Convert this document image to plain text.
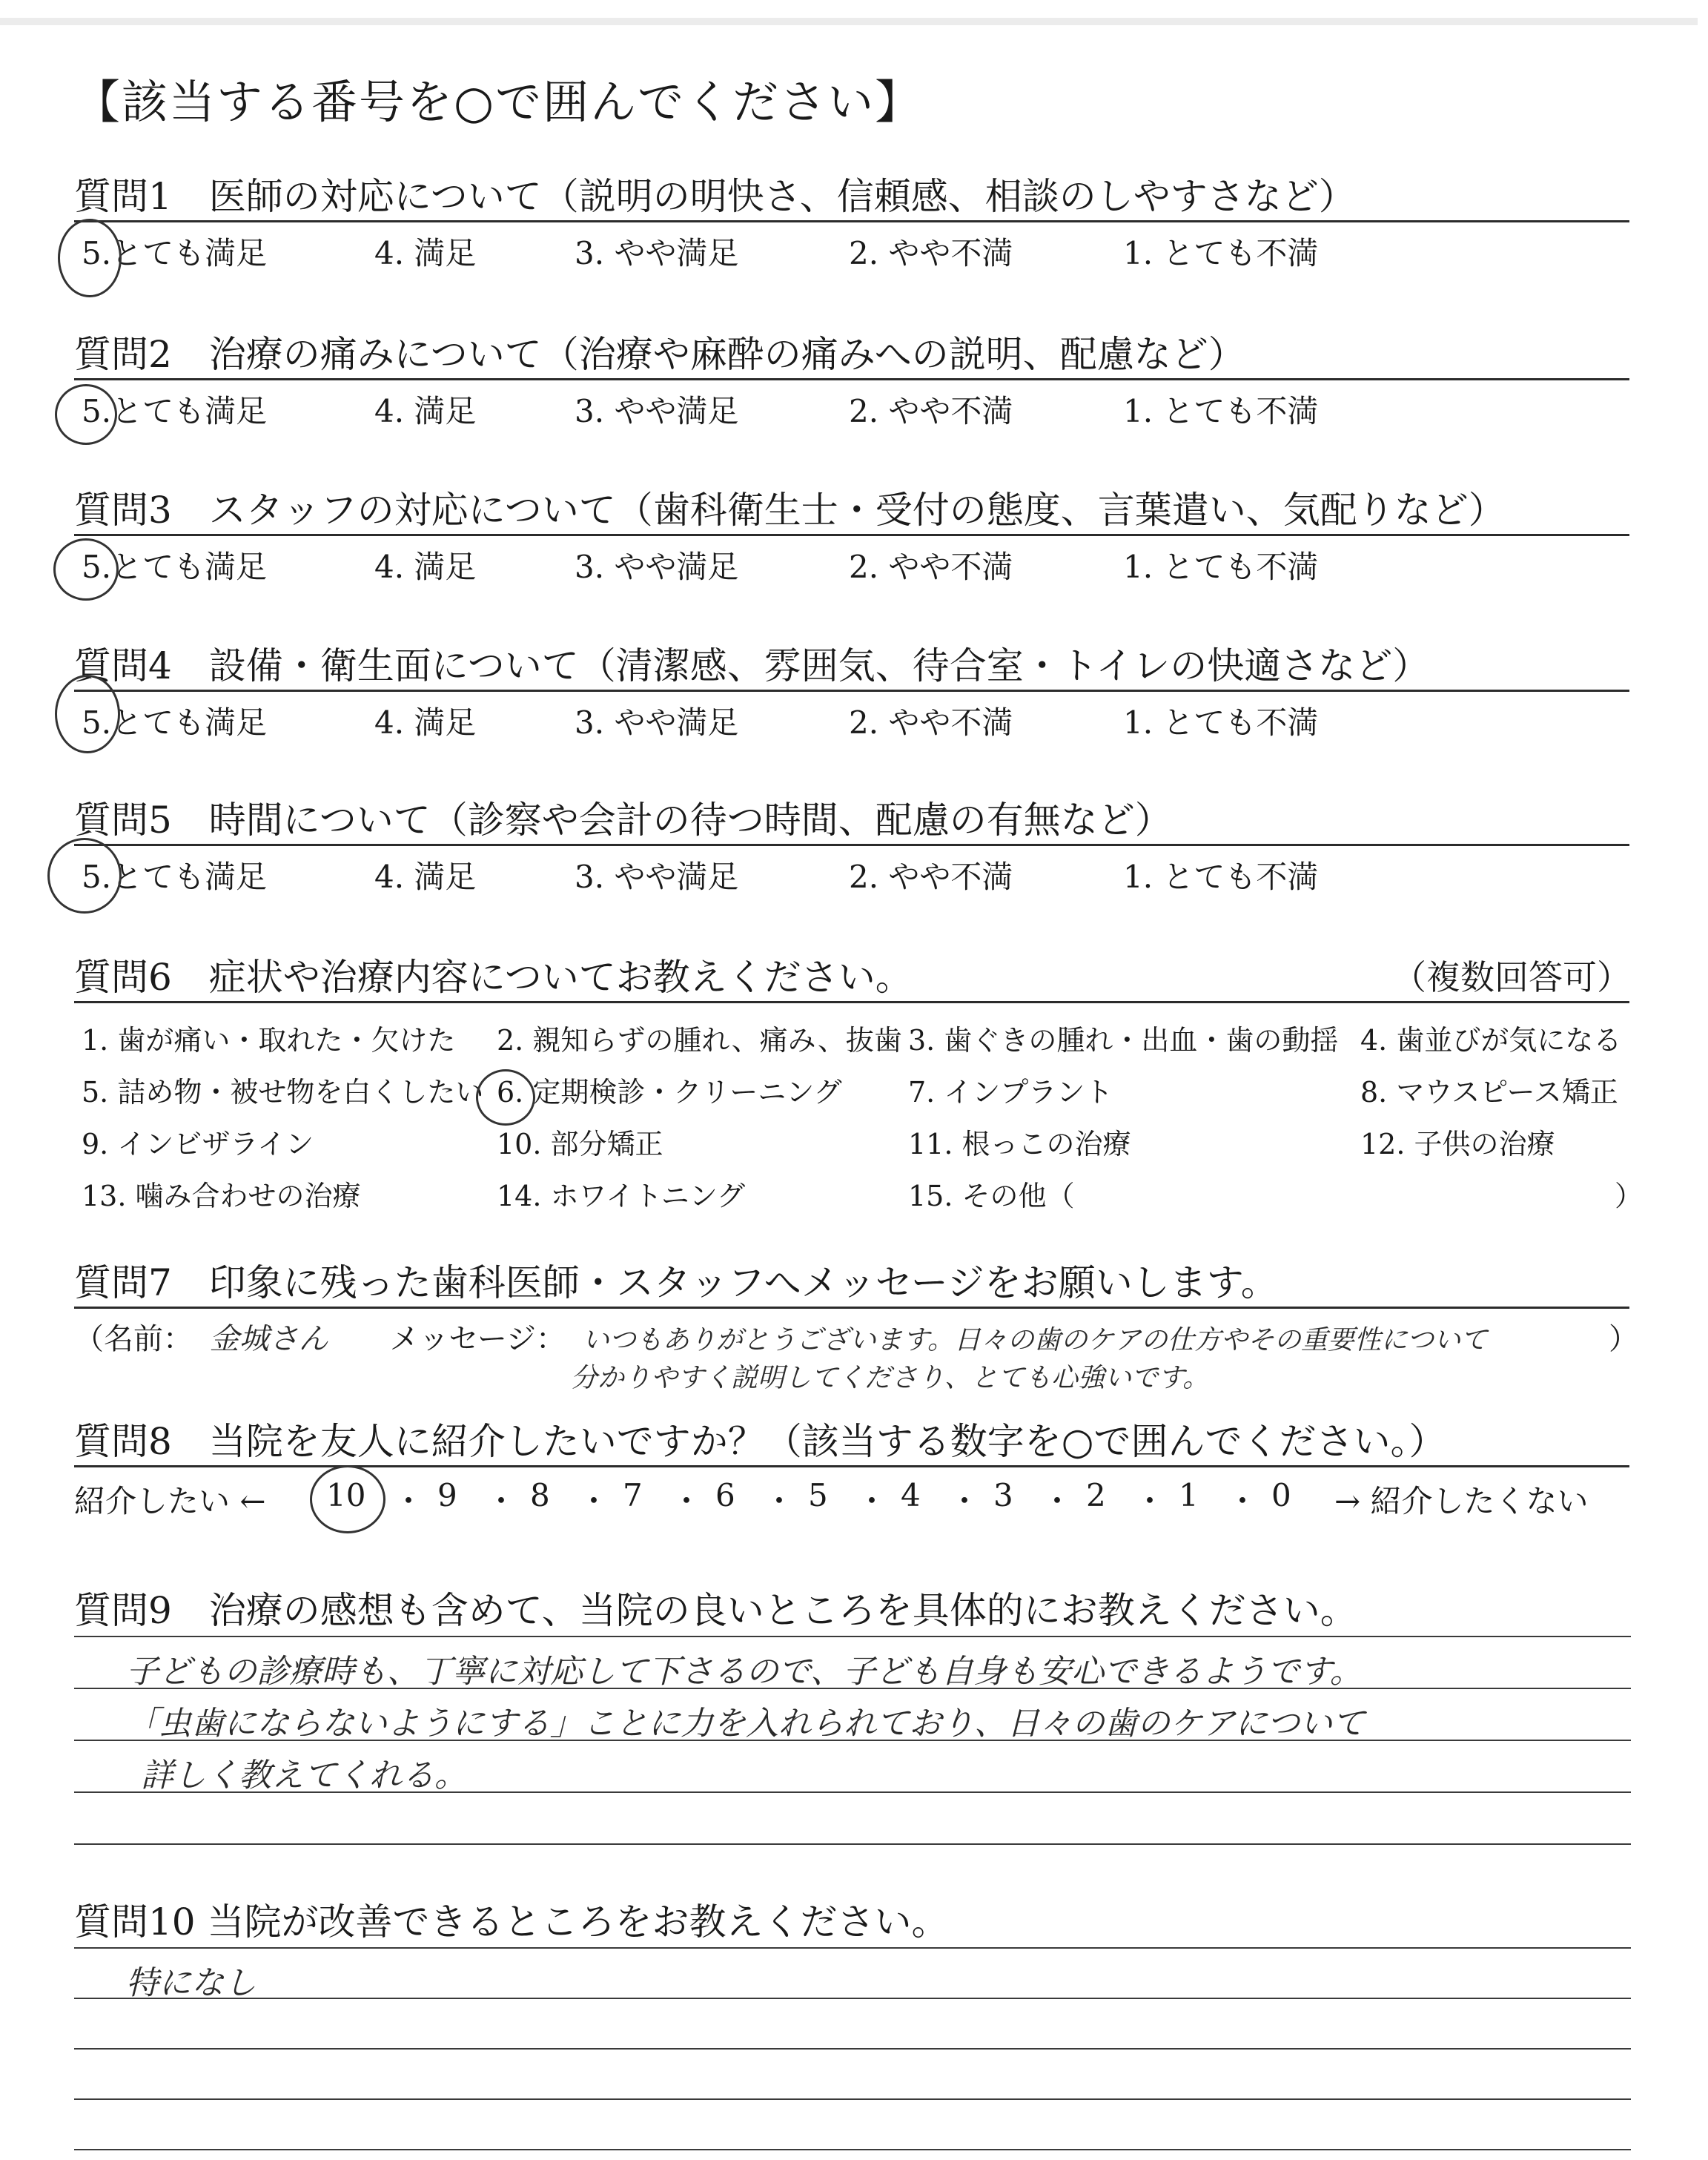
【該当する番号を○で囲んでください】
質問1　医師の対応について（説明の明快さ、信頼感、相談のしやすさなど）
5.とても満足	4. 満足	3. やや満足	2. やや不満	1. とても不満
質問2　治療の痛みについて（治療や麻酔の痛みへの説明、配慮など）
5.とても満足	4. 満足	3. やや満足	2. やや不満	1. とても不満
質問3　スタッフの対応について（歯科衛生士・受付の態度、言葉遣い、気配りなど）
5.とても満足	4. 満足	3. やや満足	2. やや不満	1. とても不満
質問4　設備・衛生面について（清潔感、雰囲気、待合室・トイレの快適さなど）
5.とても満足	4. 満足	3. やや満足	2. やや不満	1. とても不満
質問5　時間について（診察や会計の待つ時間、配慮の有無など）
5.とても満足	4. 満足	3. やや満足	2. やや不満	1. とても不満
質問6　症状や治療内容についてお教えください。	（複数回答可）
1. 歯が痛い・取れた・欠けた 2. 親知らずの腫れ、痛み、抜歯 3. 歯ぐきの腫れ・出血・歯の動揺 4. 歯並びが気になる
5. 詰め物・被せ物を白くしたい 6. 定期検診・クリーニング 7. インプラント	8. マウスピース矯正
9. インビザライン	10. 部分矯正	11. 根っこの治療	12. 子供の治療
13. 噛み合わせの治療	14. ホワイトニング	15. その他（	）
質問7　印象に残った歯科医師・スタッフへメッセージをお願いします。
（名前： 金城さん メッセージ： いつもありがとうございます。日々の歯のケアの仕方やその重要性について
分かりやすく説明してくださり、とても心強いです。
）
質問8　当院を友人に紹介したいですか？（該当する数字を○で囲んでください。）
紹介したい ← 10 ・ 9 ・ 8 ・ 7 ・ 6 ・ 5 ・ 4 ・ 3 ・ 2 ・ 1 ・ 0 → 紹介したくない
質問9　治療の感想も含めて、当院の良いところを具体的にお教えください。
子どもの診療時も、丁寧に対応して下さるので、子ども自身も安心できるようです。
「虫歯にならないようにする」ことに力を入れられており、日々の歯のケアについて
詳しく教えてくれる。
質問10 当院が改善できるところをお教えください。
特になし
